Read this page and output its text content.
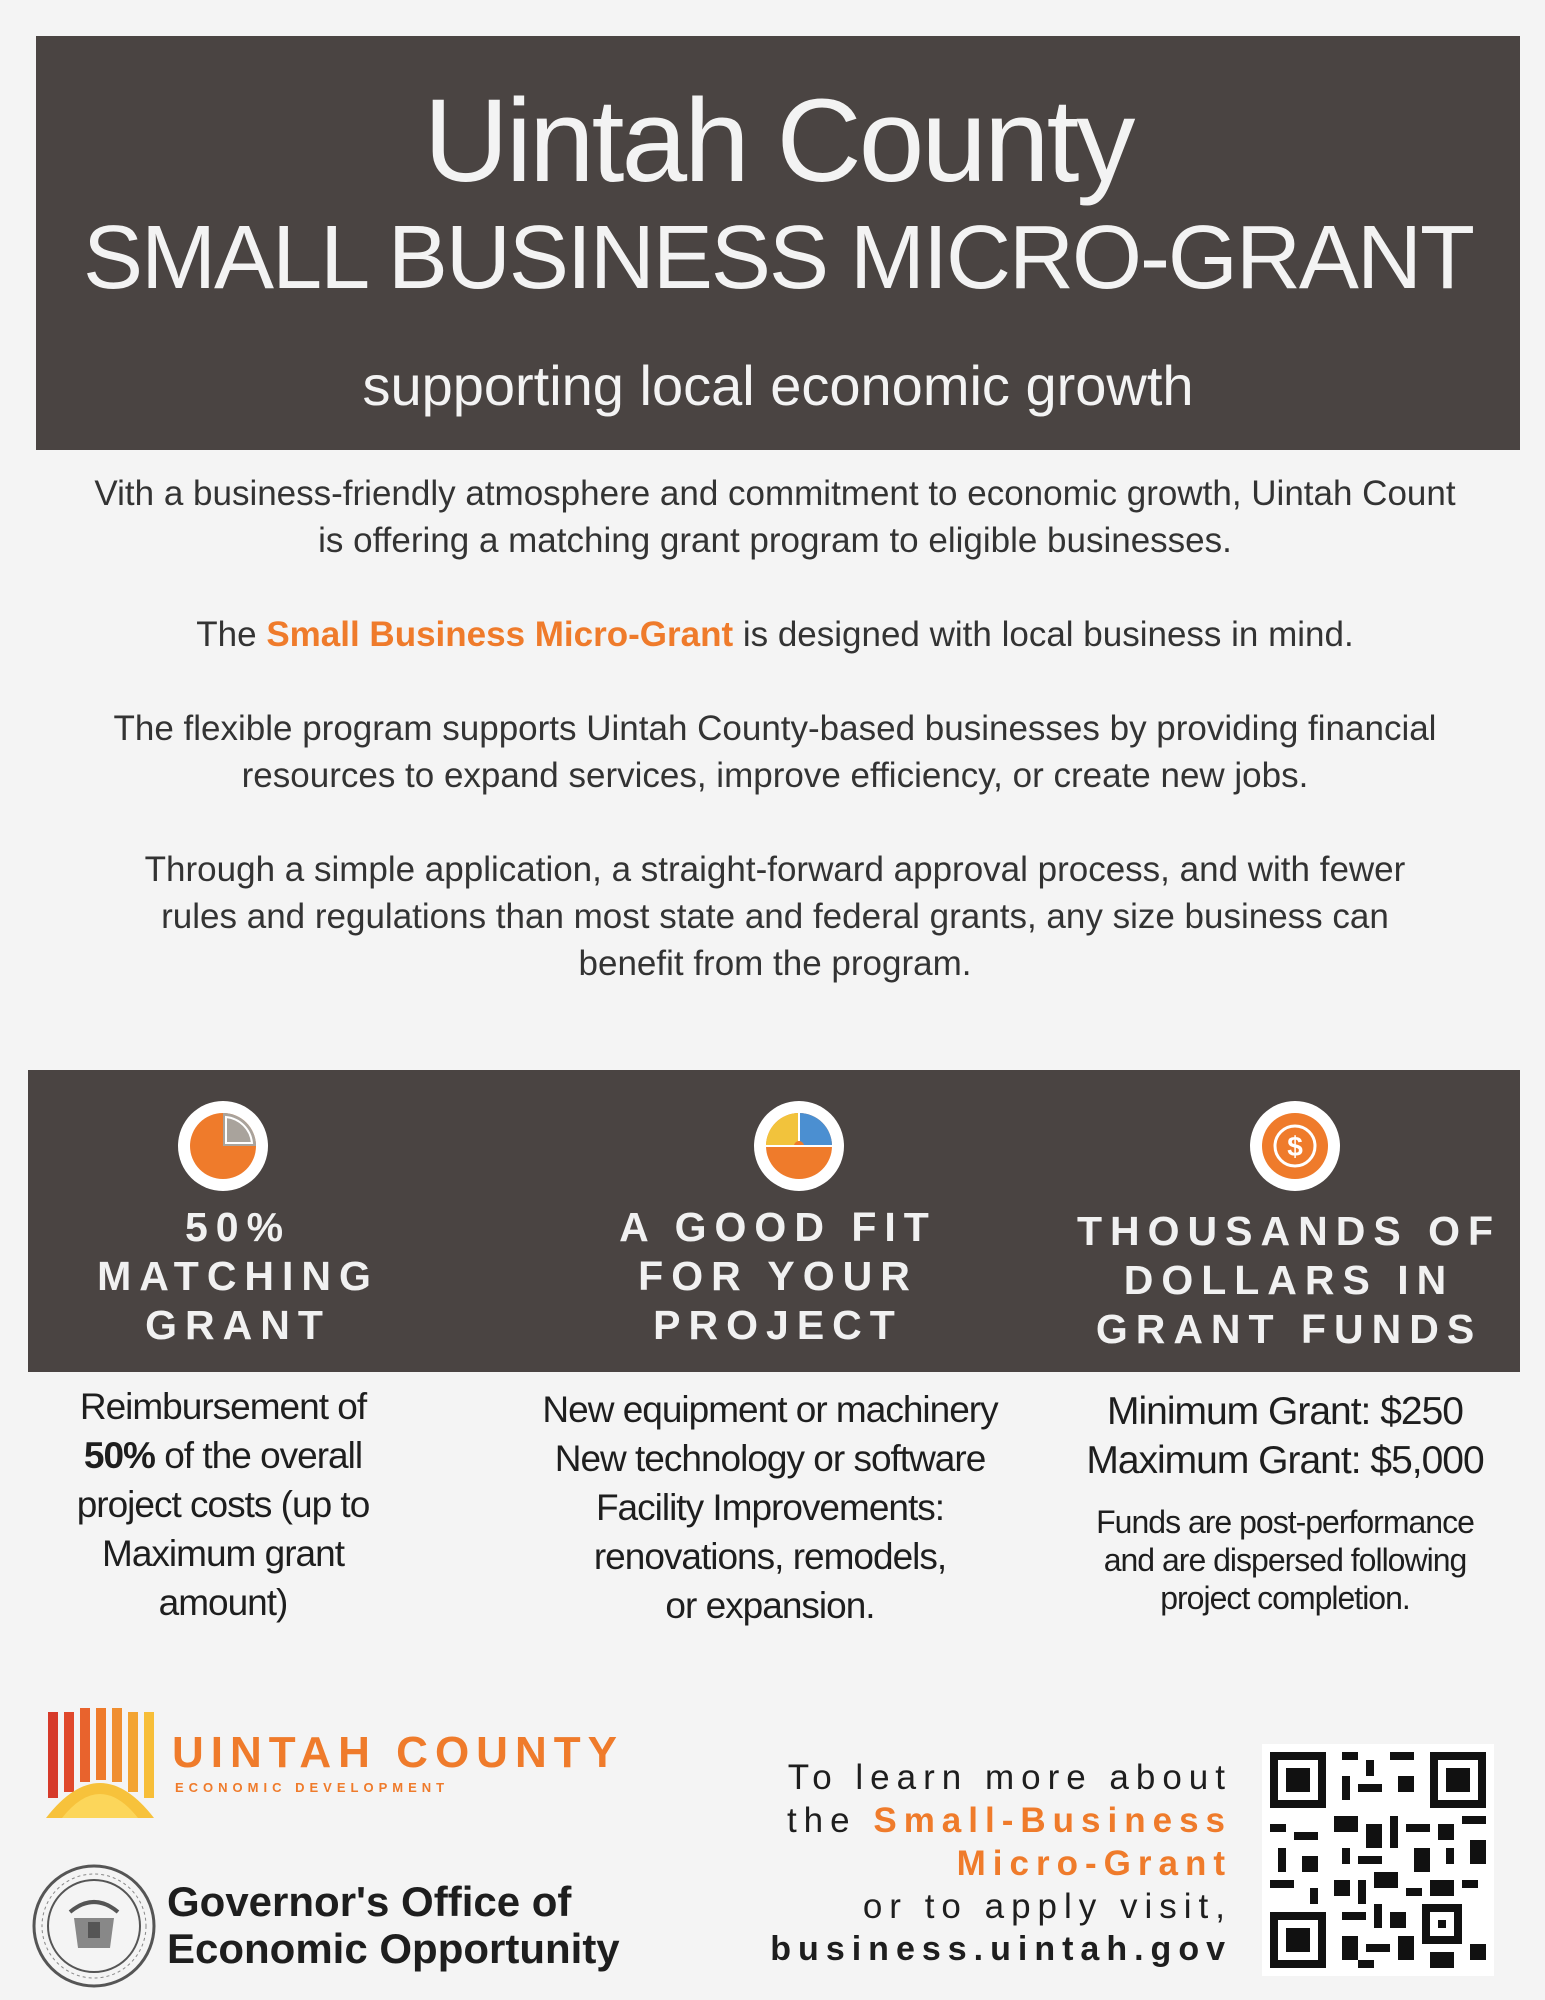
Uintah County
SMALL BUSINESS MICRO-GRANT
supporting local economic growth

Vith a business-friendly atmosphere and commitment to economic growth, Uintah Count
is offering a matching grant program to eligible businesses.

The Small Business Micro-Grant is designed with local business in mind.

The flexible program supports Uintah County-based businesses by providing financial
resources to expand services, improve efficiency, or create new jobs.

Through a simple application, a straight-forward approval process, and with fewer
rules and regulations than most state and federal grants, any size business can
benefit from the program.

50%
MATCHING
GRANT
A GOOD FIT
FOR YOUR
PROJECT
$
THOUSANDS OF
DOLLARS IN
GRANT FUNDS
Reimbursement of
50% of the overall
project costs (up to
Maximum grant
amount)
New equipment or machinery
New technology or software
Facility Improvements:
renovations, remodels,
or expansion.
Minimum Grant: $250
Maximum Grant: $5,000
Funds are post-performance
and are dispersed following
project completion.
UINTAH COUNTY
ECONOMIC DEVELOPMENT
Governor's Office of
Economic Opportunity
To learn more about
the Small-Business
Micro-Grant
or to apply visit,
business.uintah.gov
